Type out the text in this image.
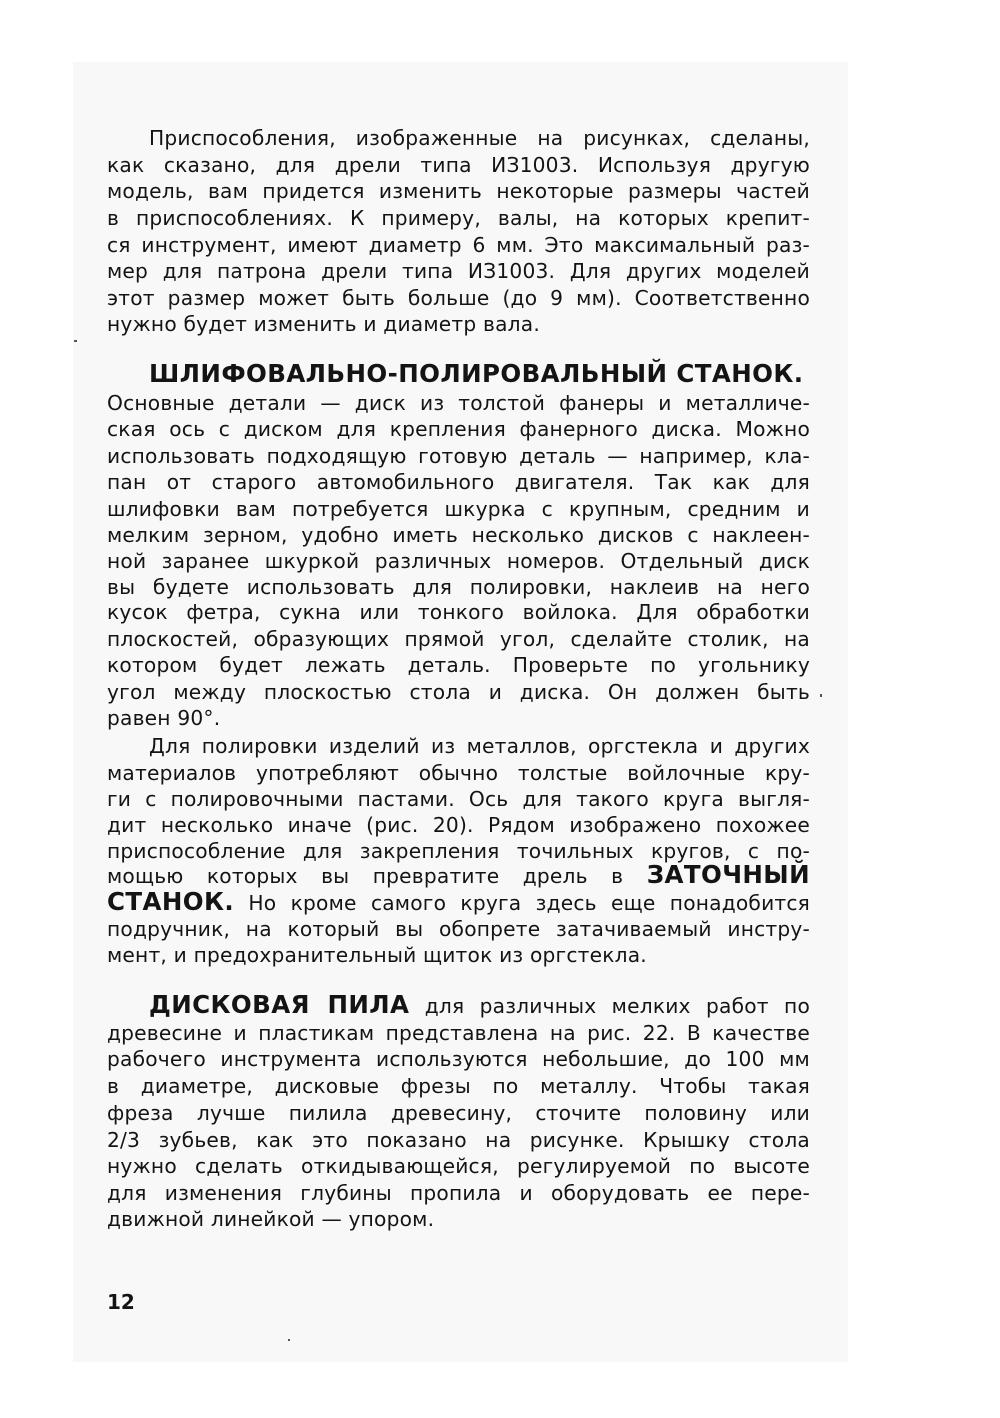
Приспособления, изображенные на рисунках, сделаны,
как сказано, для дрели типа ИЗ1003. Используя другую
модель, вам придется изменить некоторые размеры частей
в приспособлениях. К примеру, валы, на которых крепит-
ся инструмент, имеют диаметр 6 мм. Это максимальный раз-
мер для патрона дрели типа ИЗ1003. Для других моделей
этот размер может быть больше (до 9 мм). Соответственно
нужно будет изменить и диаметр вала.
ШЛИФОВАЛЬНО-ПОЛИРОВАЛЬНЫЙ СТАНОК.
Основные детали — диск из толстой фанеры и металличе-
ская ось с диском для крепления фанерного диска. Можно
использовать подходящую готовую деталь — например, кла-
пан от старого автомобильного двигателя. Так как для
шлифовки вам потребуется шкурка с крупным, средним и
мелким зерном, удобно иметь несколько дисков с наклеен-
ной заранее шкуркой различных номеров. Отдельный диск
вы будете использовать для полировки, наклеив на него
кусок фетра, сукна или тонкого войлока. Для обработки
плоскостей, образующих прямой угол, сделайте столик, на
котором будет лежать деталь. Проверьте по угольнику
угол между плоскостью стола и диска. Он должен быть
равен 90°.
Для полировки изделий из металлов, оргстекла и других
материалов употребляют обычно толстые войлочные кру-
ги с полировочными пастами. Ось для такого круга выгля-
дит несколько иначе (рис. 20). Рядом изображено похожее
приспособление для закрепления точильных кругов, с по-
мощью которых вы превратите дрель в ЗАТОЧНЫЙ
СТАНОК. Но кроме самого круга здесь еще понадобится
подручник, на который вы обопрете затачиваемый инстру-
мент, и предохранительный щиток из оргстекла.
ДИСКОВАЯ ПИЛА для различных мелких работ по
древесине и пластикам представлена на рис. 22. В качестве
рабочего инструмента используются небольшие, до 100 мм
в диаметре, дисковые фрезы по металлу. Чтобы такая
фреза лучше пилила древесину, сточите половину или
2/3 зубьев, как это показано на рисунке. Крышку стола
нужно сделать откидывающейся, регулируемой по высоте
для изменения глубины пропила и оборудовать ее пере-
движной линейкой — упором.
12
